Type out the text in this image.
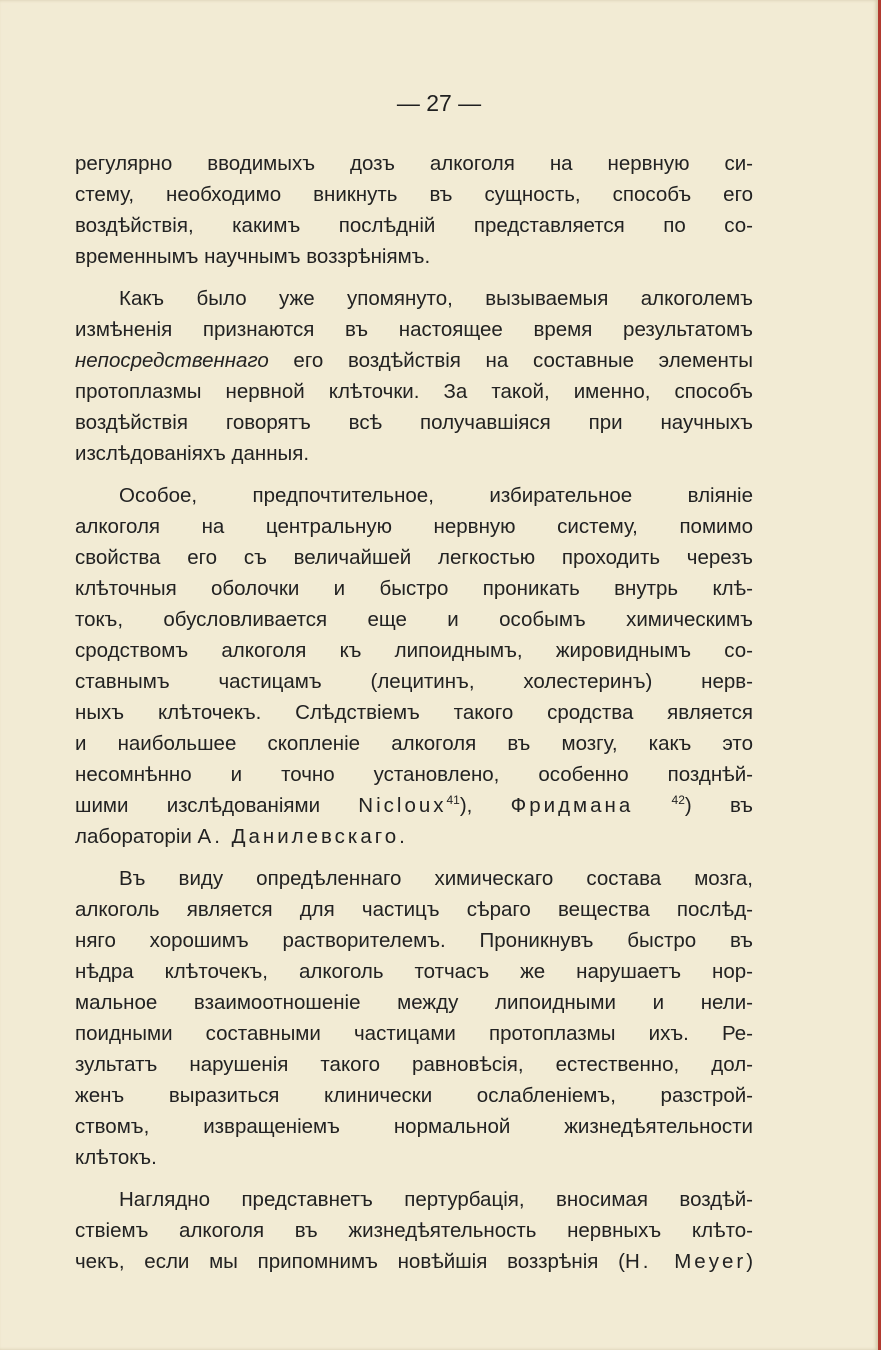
— 27 —
регулярно вводимыхъ дозъ алкоголя на нервную си-
стему, необходимо вникнуть въ сущность, способъ его
воздѣйствія, какимъ послѣдній представляется по со-
временнымъ научнымъ воззрѣніямъ.
Какъ было уже упомянуто, вызываемыя алкоголемъ
измѣненія признаются въ настоящее время результатомъ
непосредственнаго его воздѣйствія на составные элементы
протоплазмы нервной клѣточки. За такой, именно, способъ
воздѣйствія говорятъ всѣ получавшіяся при научныхъ
изслѣдованіяхъ данныя.
Особое, предпочтительное, избирательное вліяніе
алкоголя на центральную нервную систему, помимо
свойства его съ величайшей легкостью проходить черезъ
клѣточныя оболочки и быстро проникать внутрь клѣ-
токъ, обусловливается еще и особымъ химическимъ
сродствомъ алкоголя къ липоиднымъ, жировиднымъ со-
ставнымъ частицамъ (лецитинъ, холестеринъ) нерв-
ныхъ клѣточекъ. Слѣдствіемъ такого сродства является
и наибольшее скопленіе алкоголя въ мозгу, какъ это
несомнѣнно и точно установлено, особенно позднѣй-
шими изслѣдованіями Nicloux$^{41}$), Фридмана	$^{42}$) въ
лабораторіи А. Данилевскаго.
Въ виду опредѣленнаго химическаго состава мозга,
алкоголь является для частицъ сѣраго вещества послѣд-
няго хорошимъ растворителемъ. Проникнувъ быстро въ
нѣдра клѣточекъ, алкоголь тотчасъ же нарушаетъ нор-
мальное взаимоотношеніе между липоидными и нели-
поидными составными частицами протоплазмы ихъ. Ре-
зультатъ нарушенія такого равновѣсія, естественно, дол-
женъ выразиться клинически ослабленіемъ, разстрой-
ствомъ, извращеніемъ нормальной жизнедѣятельности
клѣтокъ.
Наглядно представнетъ пертурбація, вносимая воздѣй-
ствіемъ алкоголя въ жизнедѣятельность нервныхъ клѣто-
чекъ, если мы припомнимъ новѣйшія воззрѣнія (H. Meyer)
